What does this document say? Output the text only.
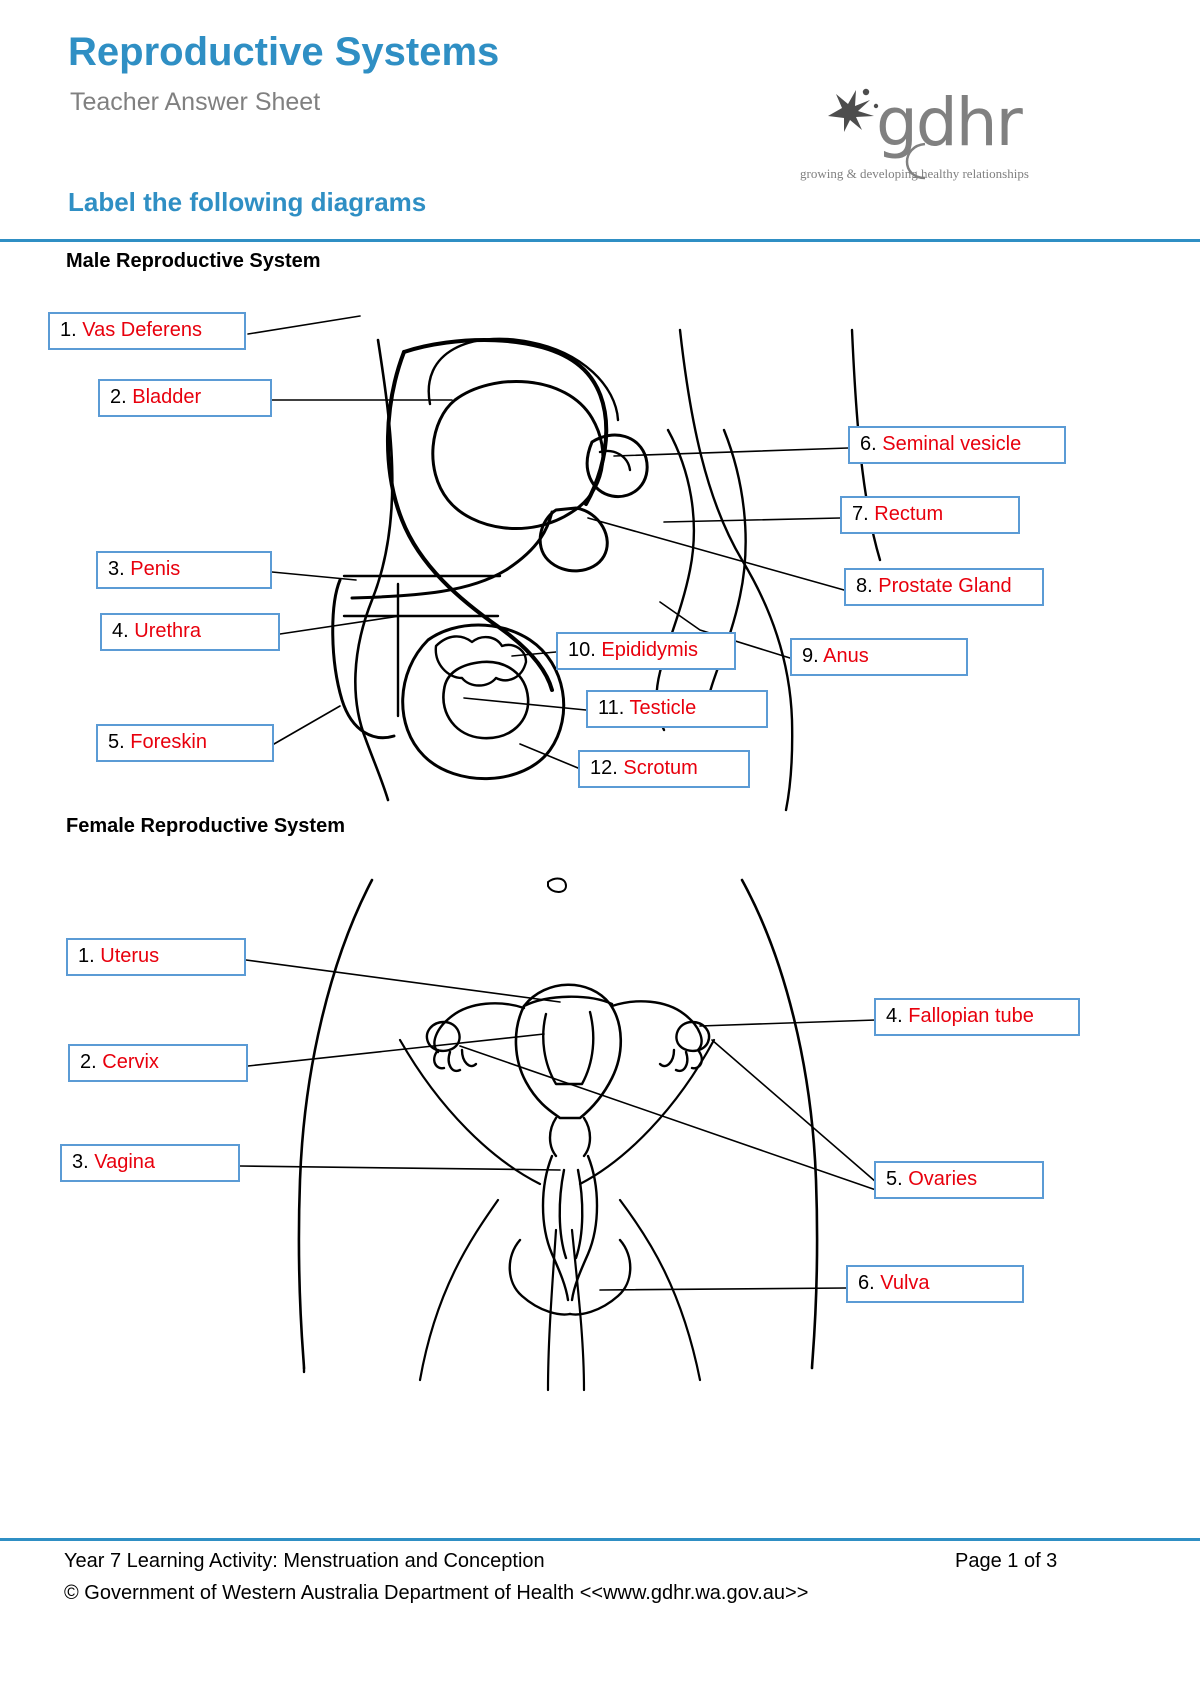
Reproductive Systems
Teacher Answer Sheet
Label the following diagrams
gdhr
growing & developing healthy relationships
Male Reproductive System
Female Reproductive System
1. Vas Deferens
2. Bladder
3. Penis
4. Urethra
5. Foreskin
6. Seminal vesicle
7. Rectum
8. Prostate Gland
9. Anus
10. Epididymis
11. Testicle
12. Scrotum
1. Uterus
2. Cervix
3. Vagina
4. Fallopian tube
5. Ovaries
6. Vulva
Year 7 Learning Activity: Menstruation and Conception
© Government of Western Australia Department of Health <<www.gdhr.wa.gov.au>>
Page 1 of 3
